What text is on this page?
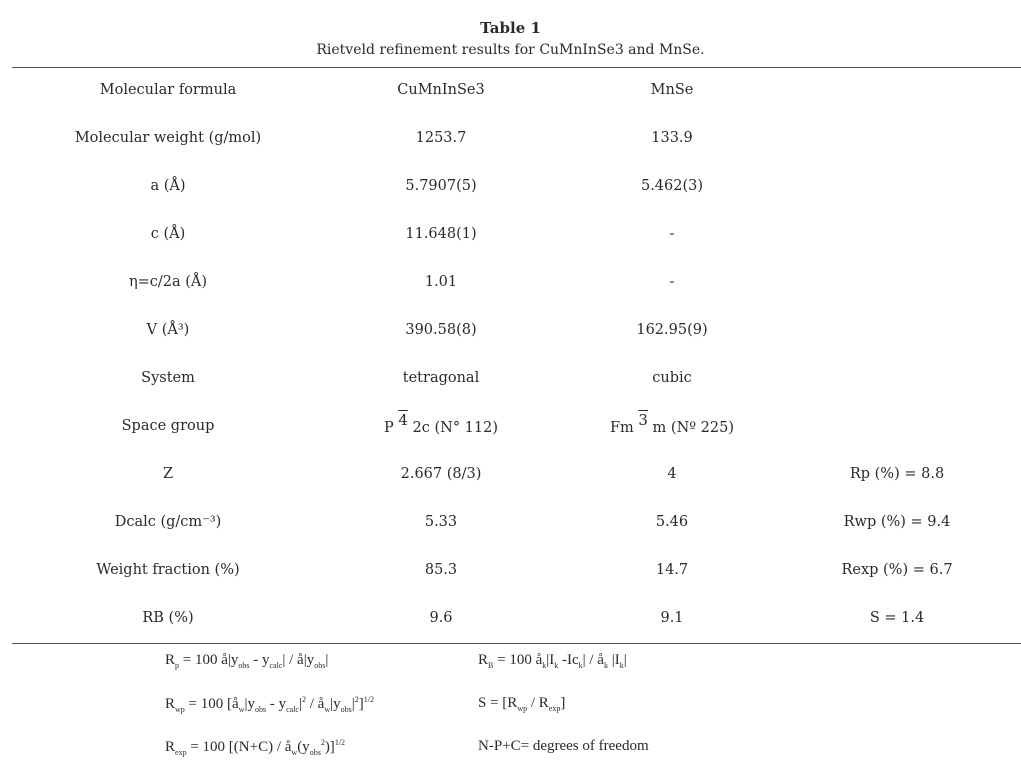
Table 1
Rietveld refinement results for CuMnInSe3 and MnSe.
Molecular formula	CuMnInSe3	MnSe
Molecular weight (g/mol)	1253.7	133.9
a (Å)	5.7907(5)	5.462(3)
c (Å)	11.648(1)	-
η=c/2a (Å)	1.01	-
V (Å³)	390.58(8)	162.95(9)
System	tetragonal	cubic
Space group	P 4 2c (N° 112)	Fm 3 m (Nº 225)
Z	2.667 (8/3)	4	Rp (%) = 8.8
Dcalc (g/cm⁻³)	5.33	5.46	Rwp (%) = 9.4
Weight fraction (%)	85.3	14.7	Rexp (%) = 6.7
RB (%)	9.6	9.1	S = 1.4
$R_p = 100$ $å|y_{obs} - y_{calc}|$ / $å|y_{obs}|$	$R_B = 100$ $å_k|I_k$ $-Ic_k|$ / $å_k$ $|I_k|$
$R_{wp} = 100$ [$å_w|y_{obs} - y_{calc}|^2$ / $å_w|y_{obs}|^2]^{1/2}$	$S = [R_{wp} / R_{exp}]$
$R_{exp} = 100$ $[(N+C) / å_w(y_{obs}^2)]^{1/2}$	N-P+C= degrees of freedom
